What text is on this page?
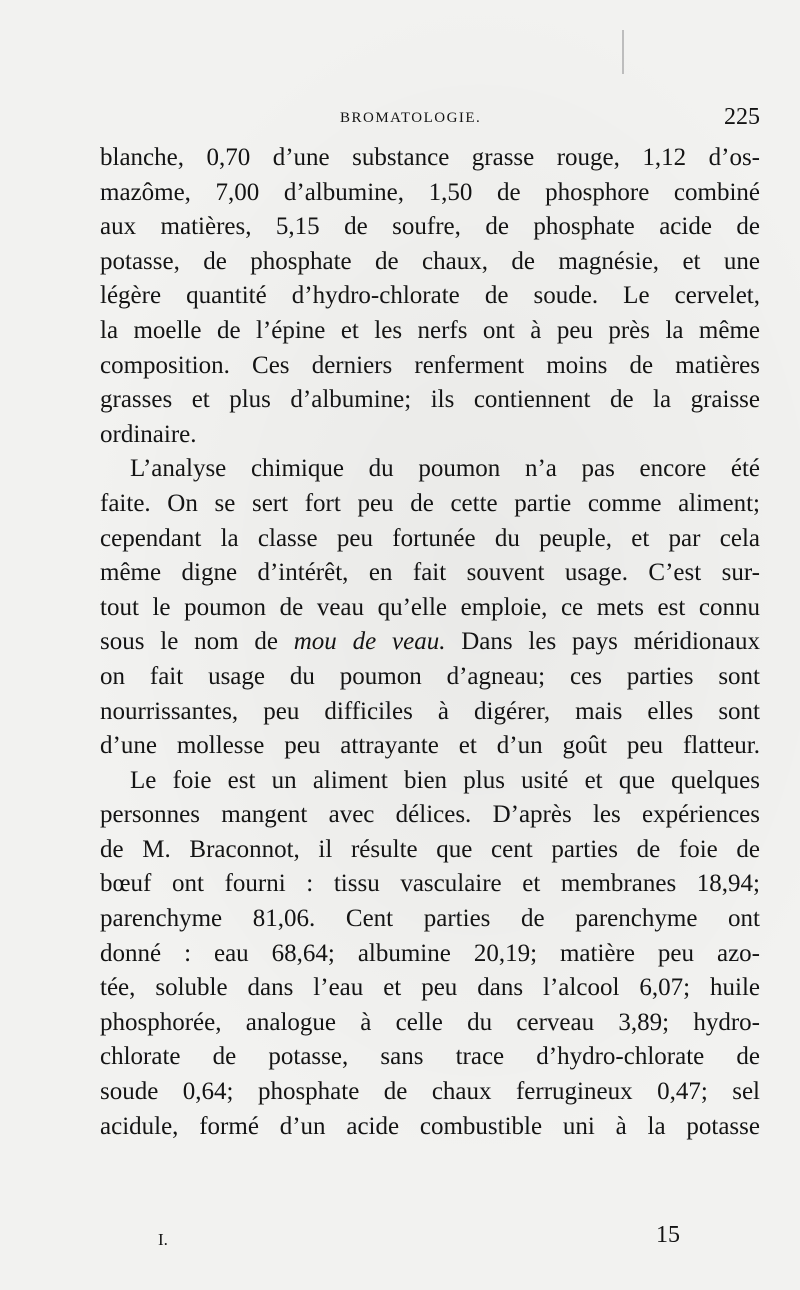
BROMATOLOGIE.	225
blanche, 0,70 d’une substance grasse rouge, 1,12 d’os-
mazôme, 7,00 d’albumine, 1,50 de phosphore combiné
aux matières, 5,15 de soufre, de phosphate acide de
potasse, de phosphate de chaux, de magnésie, et une
légère quantité d’hydro-chlorate de soude. Le cervelet,
la moelle de l’épine et les nerfs ont à peu près la même
composition. Ces derniers renferment moins de matières
grasses et plus d’albumine; ils contiennent de la graisse
ordinaire.
L’analyse chimique du poumon n’a pas encore été
faite. On se sert fort peu de cette partie comme aliment;
cependant la classe peu fortunée du peuple, et par cela
même digne d’intérêt, en fait souvent usage. C’est sur-
tout le poumon de veau qu’elle emploie, ce mets est connu
sous le nom de mou de veau. Dans les pays méridionaux
on fait usage du poumon d’agneau; ces parties sont
nourrissantes, peu difficiles à digérer, mais elles sont
d’une mollesse peu attrayante et d’un goût peu flatteur.
Le foie est un aliment bien plus usité et que quelques
personnes mangent avec délices. D’après les expériences
de M. Braconnot, il résulte que cent parties de foie de
bœuf ont fourni : tissu vasculaire et membranes 18,94;
parenchyme 81,06. Cent parties de parenchyme ont
donné : eau 68,64; albumine 20,19; matière peu azo-
tée, soluble dans l’eau et peu dans l’alcool 6,07; huile
phosphorée, analogue à celle du cerveau 3,89; hydro-
chlorate de potasse, sans trace d’hydro-chlorate de
soude 0,64; phosphate de chaux ferrugineux 0,47; sel
acidule, formé d’un acide combustible uni à la potasse
I.	15
